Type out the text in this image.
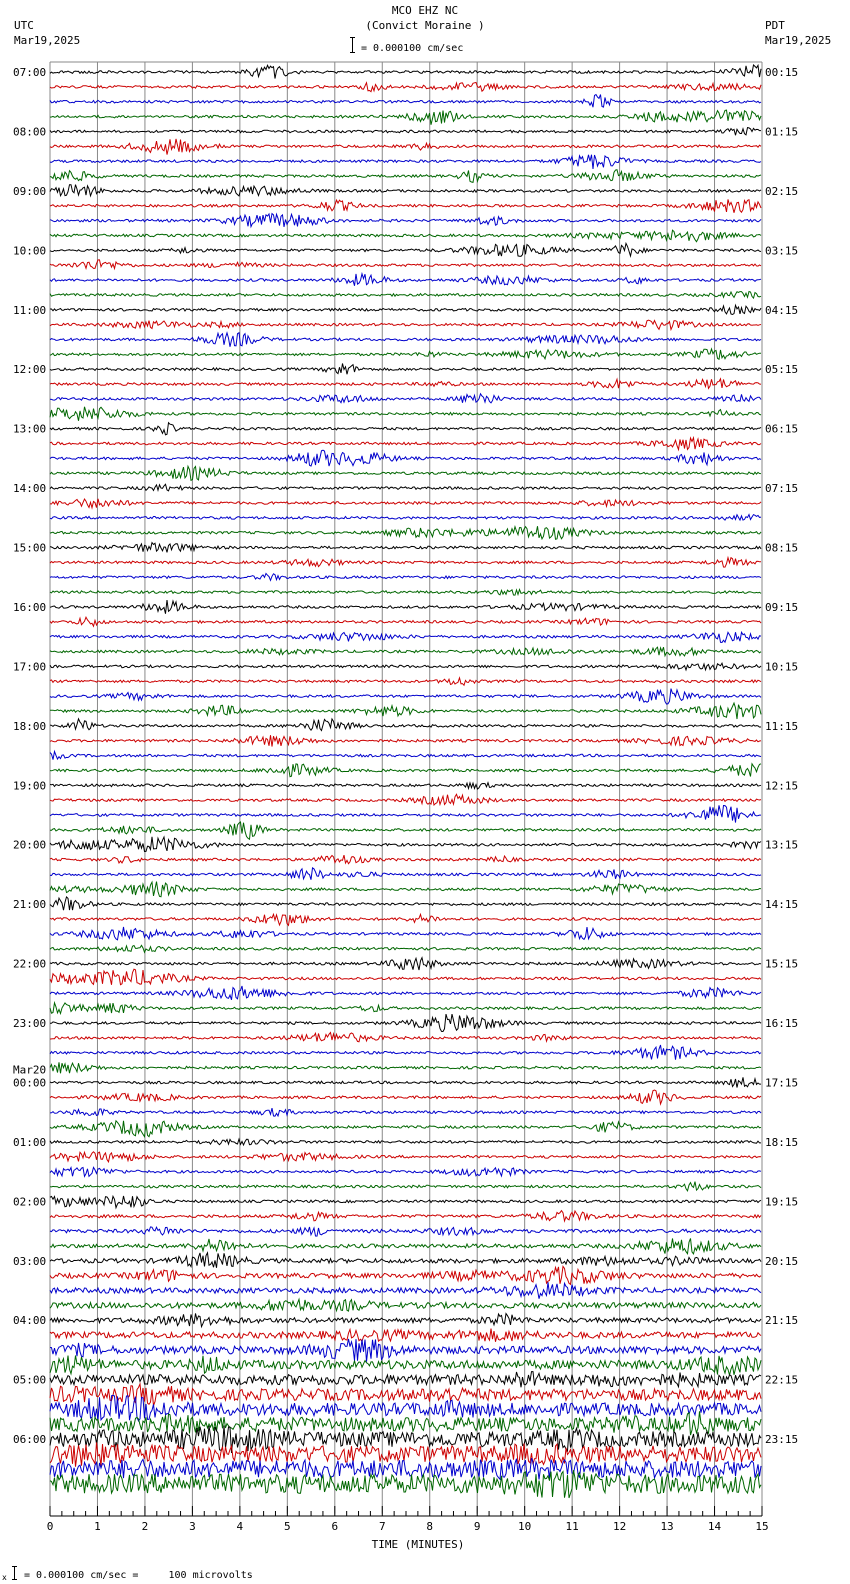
MCO EHZ NC
(Convict Moraine )
= 0.000100 cm/sec
UTC
Mar19,2025
PDT
Mar19,2025
07:00
08:00
09:00
10:00
11:00
12:00
13:00
14:00
15:00
16:00
17:00
18:00
19:00
20:00
21:00
22:00
23:00
00:00
Mar20
01:00
02:00
03:00
04:00
05:00
06:00
00:15
01:15
02:15
03:15
04:15
05:15
06:15
07:15
08:15
09:15
10:15
11:15
12:15
13:15
14:15
15:15
16:15
17:15
18:15
19:15
20:15
21:15
22:15
23:15
0	1	2	3	4	5	6	7	8	9	10	11	12	13	14	15
TIME (MINUTES)
x = 0.000100 cm/sec =     100 microvolts
